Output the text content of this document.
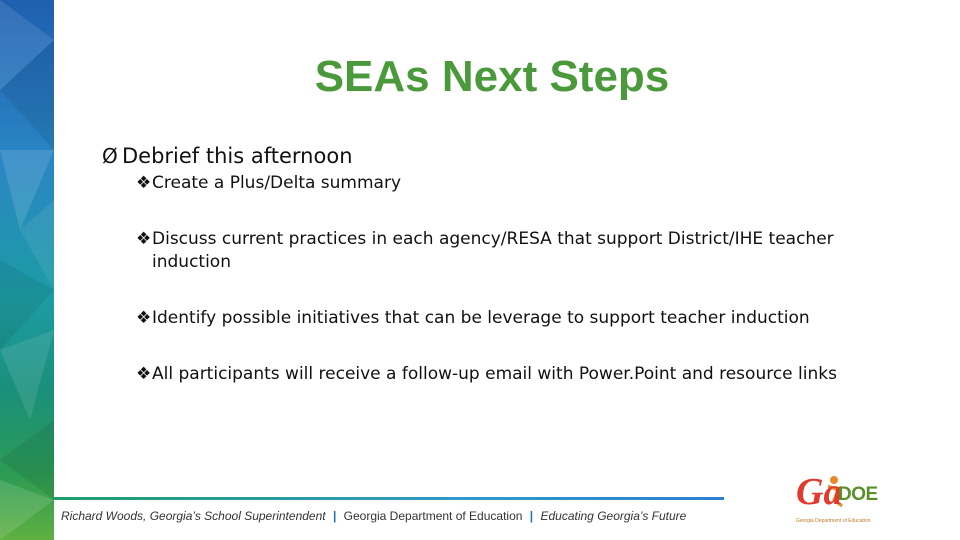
SEAs Next Steps
Ø Debrief this afternoon
❖Create a Plus/Delta summary
❖Discuss current practices in each agency/RESA that support District/IHE teacher induction
❖Identify possible initiatives that can be leverage to support teacher induction
❖All participants will receive a follow-up email with Power.Point and resource links
Richard Woods, Georgia’s School Superintendent | Georgia Department of Education | Educating Georgia’s Future
Ga
DOE
Georgia Department of Education
